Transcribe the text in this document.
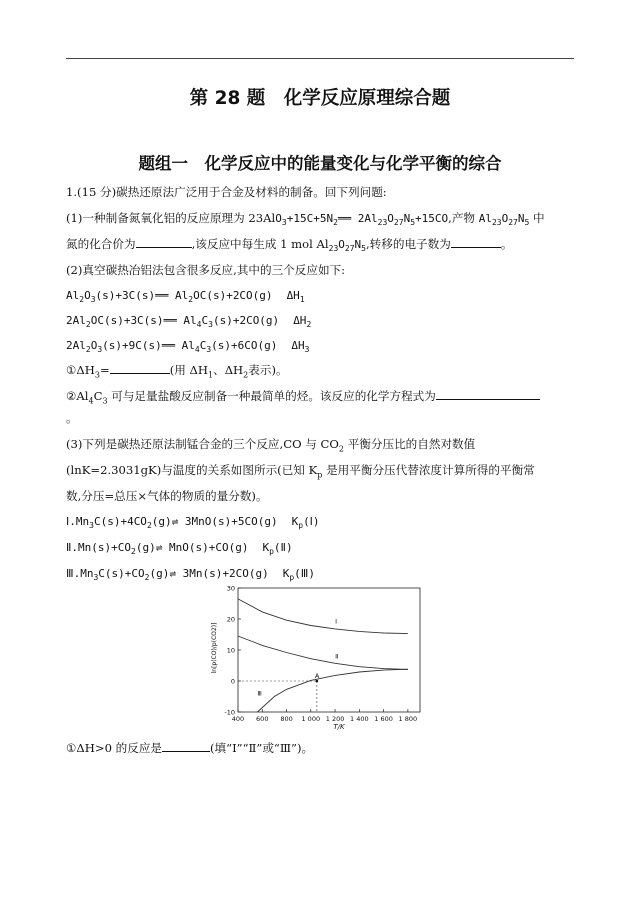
第 28 题　化学反应原理综合题
题组一　化学反应中的能量变化与化学平衡的综合
1.(15 分)碳热还原法广泛用于合金及材料的制备。回下列问题:
(1)一种制备氮氧化铝的反应原理为 $23AlO_3+15C+5N_2══$ $2Al_{23}O_{27}N_5+15CO$,产物 $Al_{23}O_{27}N_5$ 中
氮的化合价为	,该反应中每生成 1 mol $Al_{23}O_{27}N_5$,转移的电子数为	。
(2)真空碳热冶铝法包含很多反应,其中的三个反应如下:
$Al_2O_3(s)+3C(s)══$ $Al_2OC(s)+2CO(g)$ $\Delta H_1$
$2Al_2OC(s)+3C(s)══$ $Al_4C_3(s)+2CO(g)$ $\Delta H_2$
$2Al_2O_3(s)+9C(s)══$ $Al_4C_3(s)+6CO(g)$ $\Delta H_3$
$①\Delta H_3=$	(用 $\Delta H_1$、$\Delta H_2$表示)。
$②Al_4C_3$ 可与足量盐酸反应制备一种最简单的烃。该反应的化学方程式为
。
(3)下列是碳热还原法制锰合金的三个反应,CO 与 $CO_2$ 平衡分压比的自然对数值
(lnK=2.3031gK)与温度的关系如图所示(已知 $K_p$ 是用平衡分压代替浓度计算所得的平衡常
数,分压=总压×气体的物质的量分数)。
$Ⅰ.Mn_3C(s)+4CO_2(g)\rightleftharpoons$ 3MnO(s)+5CO(g) $K_p(Ⅰ)$
$Ⅱ.Mn(s)+CO_2(g)\rightleftharpoons$ MnO(s)+CO(g) $K_p(Ⅱ)$
$Ⅲ.Mn_3C(s)+CO_2(g)\rightleftharpoons$ 3Mn(s)+2CO(g) $K_p(Ⅲ)$
400 600 800 1 000 1 200 1 400 1 600 1 800
30
20
10
0
-10
T/K
ln[p(CO)/p(CO2)]
Ⅰ
Ⅱ
Ⅲ
A
①ΔH>0 的反应是	(填“Ⅰ”“Ⅱ”或“Ⅲ”)。
